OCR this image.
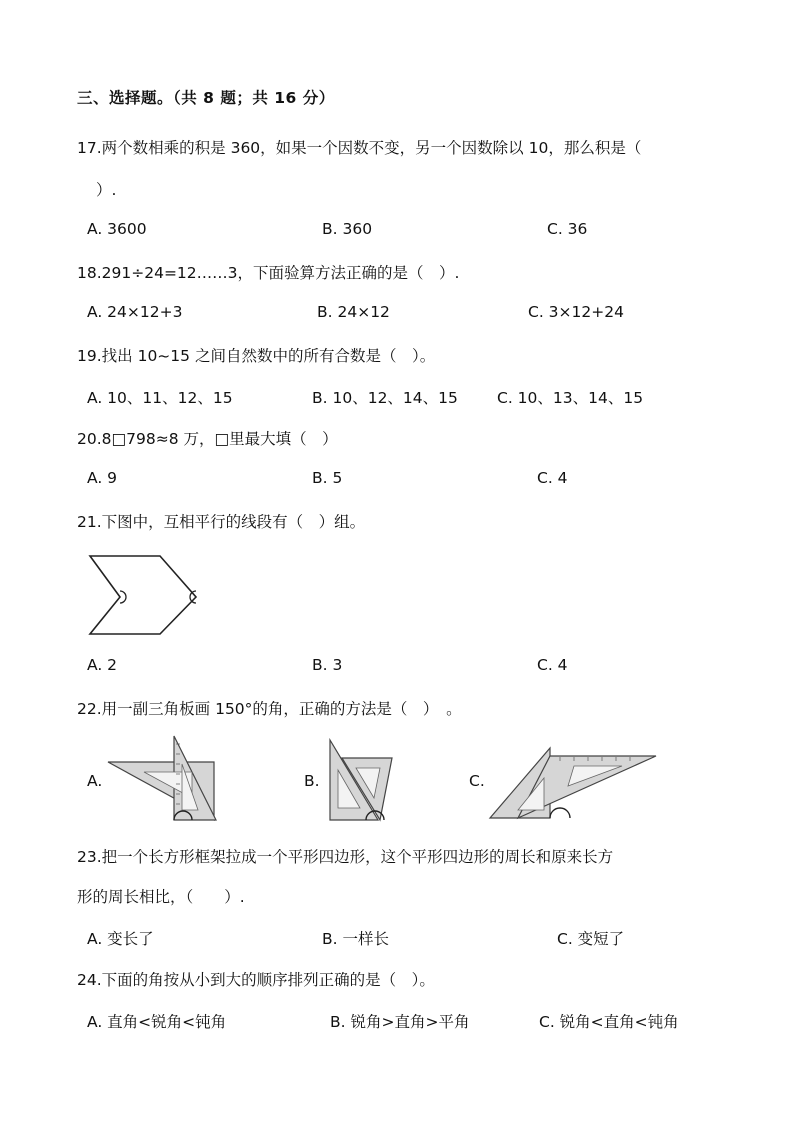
三、选择题。（共 8 题；共 16 分）
17.两个数相乘的积是 360，如果一个因数不变，另一个因数除以 10，那么积是（
）.
A. 3600	B. 360	C. 36
18.291÷24=12……3，下面验算方法正确的是（　）.
A. 24×12+3	B. 24×12	C. 3×12+24
19.找出 10~15 之间自然数中的所有合数是（　）。
A. 10、11、12、15	B. 10、12、14、15	C. 10、13、14、15
20.8□798≈8 万，□里最大填（　）
A. 9	B. 5	C. 4
21.下图中，互相平行的线段有（　）组。
A. 2	B. 3	C. 4
22.用一副三角板画 150°的角，正确的方法是（　）　。
A.	B.	C.
23.把一个长方形框架拉成一个平形四边形，这个平形四边形的周长和原来长方
形的周长相比，（　　）.
A. 变长了	B. 一样长	C. 变短了
24.下面的角按从小到大的顺序排列正确的是（　）。
A. 直角<锐角<钝角	B. 锐角>直角>平角	C. 锐角<直角<钝角
